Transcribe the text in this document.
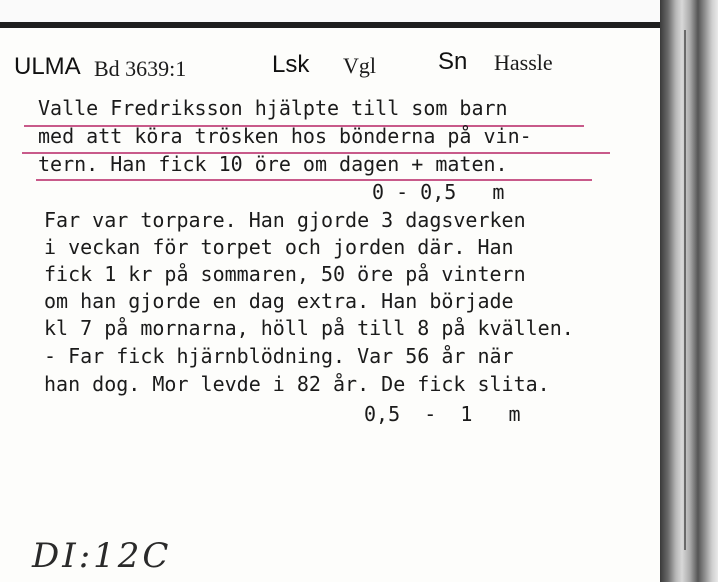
ULMA Bd 3639:1	Lsk Vgl	Sn Hassle
Valle Fredriksson hjälpte till som barn
med att köra trösken hos bönderna på vin-
tern. Han fick 10 öre om dagen + maten.
0 - 0,5   m
Far var torpare. Han gjorde 3 dagsverken
i veckan för torpet och jorden där. Han
fick 1 kr på sommaren, 50 öre på vintern
om han gjorde en dag extra. Han började
kl 7 på mornarna, höll på till 8 på kvällen.
- Far fick hjärnblödning. Var 56 år när
han dog. Mor levde i 82 år. De fick slita.
0,5  -  1   m
DI:12C
